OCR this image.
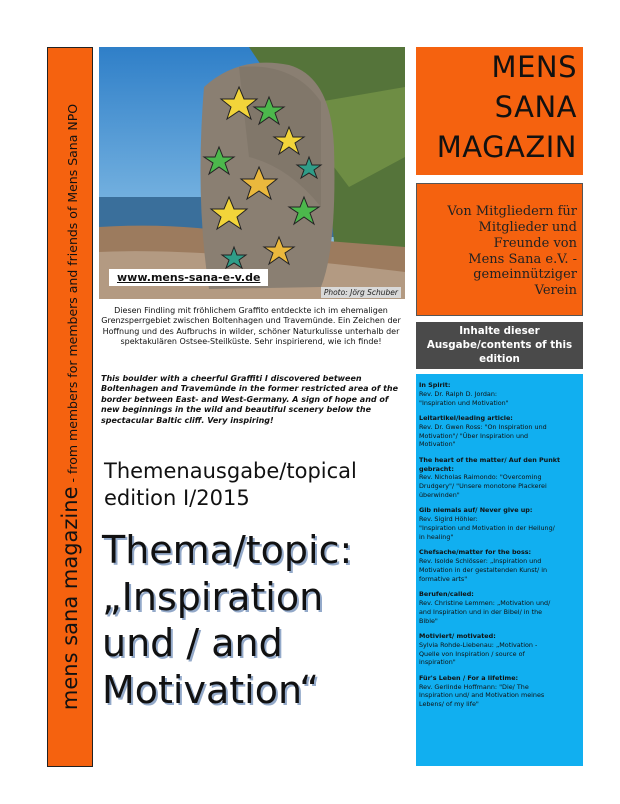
mens sana magazine - from members for members and friends of Mens Sana NPO	www.mens-sana-e-v.de
Photo: Jörg Schuber
Diesen Findling mit fröhlichem Graffito entdeckte ich im ehemaligen Grenzsperrgebiet zwischen Boltenhagen und Travemünde. Ein Zeichen der Hoffnung und des Aufbruchs in wilder, schöner Naturkulisse unterhalb der spektakulären Ostsee-Steilküste. Sehr inspirierend, wie ich finde!
This boulder with a cheerful Graffiti I discovered between Boltenhagen and Travemünde in the former restricted area of the border between East- and West-Germany. A sign of hope and of new beginnings in the wild and beautiful scenery below the spectacular Baltic cliff. Very inspiring!
Themenausgabe/topical
edition I/2015
Thema/topic:
„Inspiration
und / and
Motivation“
MENS
SANA
MAGAZIN
Von Mitgliedern für
Mitglieder und
Freunde von
Mens Sana e.V. -
gemeinnütziger
Verein
Inhalte dieser
Ausgabe/contents of this
edition
In Spirit:
Rev. Dr. Ralph D. Jordan:
"Inspiration und Motivation"
Leitartikel/leading article:
Rev. Dr. Gwen Ross: "On Inspiration und
Motivation"/ "Über Inspiration und
Motivation"
The heart of the matter/ Auf den Punkt gebracht:
Rev. Nicholas Raimondo: "Overcoming
Drudgery"/ "Unsere monotone Plackerei
überwinden"
Gib niemals auf/ Never give up:
Rev. Sigird Höhler:
"Inspiration und Motivation in der Heilung/
in healing"
Chefsache/matter for the boss:
Rev. Isolde Schlösser: „Inspiration und
Motivation in der gestaltenden Kunst/ in
formative arts"
Berufen/called:
Rev. Christine Lemmen: „Motivation und/
and Inspiration und in der Bibel/ in the
Bible"
Motiviert/ motivated:
Sylvia Rohde-Liebenau: „Motivation -
Quelle von Inspiration / source of
inspiration"
Für's Leben / For a lifetime:
Rev. Gerlinde Hoffmann: "Die/ The
Inspiration und/ and Motivation meines
Lebens/ of my life"
